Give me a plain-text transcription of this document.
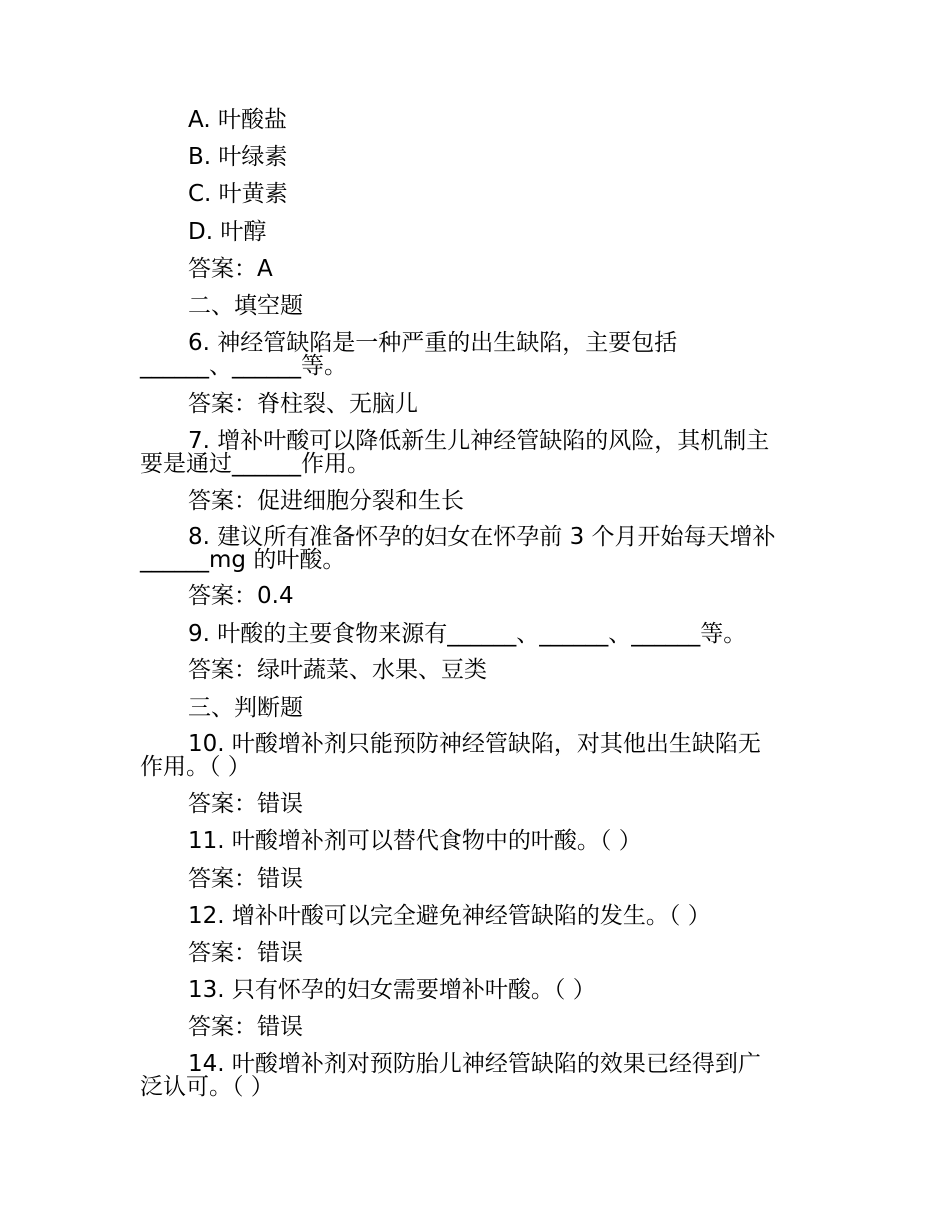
A. 叶酸盐
B. 叶绿素
C. 叶黄素
D. 叶醇
答案：A
二、填空题
6. 神经管缺陷是一种严重的出生缺陷，主要包括
______、______等。
答案：脊柱裂、无脑儿
7. 增补叶酸可以降低新生儿神经管缺陷的风险，其机制主
要是通过______作用。
答案：促进细胞分裂和生长
8. 建议所有准备怀孕的妇女在怀孕前 3 个月开始每天增补
______mg 的叶酸。
答案：0.4
9. 叶酸的主要食物来源有______、______、______等。
答案：绿叶蔬菜、水果、豆类
三、判断题
10. 叶酸增补剂只能预防神经管缺陷，对其他出生缺陷无
作用。（ ）
答案：错误
11. 叶酸增补剂可以替代食物中的叶酸。（ ）
答案：错误
12. 增补叶酸可以完全避免神经管缺陷的发生。（ ）
答案：错误
13. 只有怀孕的妇女需要增补叶酸。（ ）
答案：错误
14. 叶酸增补剂对预防胎儿神经管缺陷的效果已经得到广
泛认可。（ ）
